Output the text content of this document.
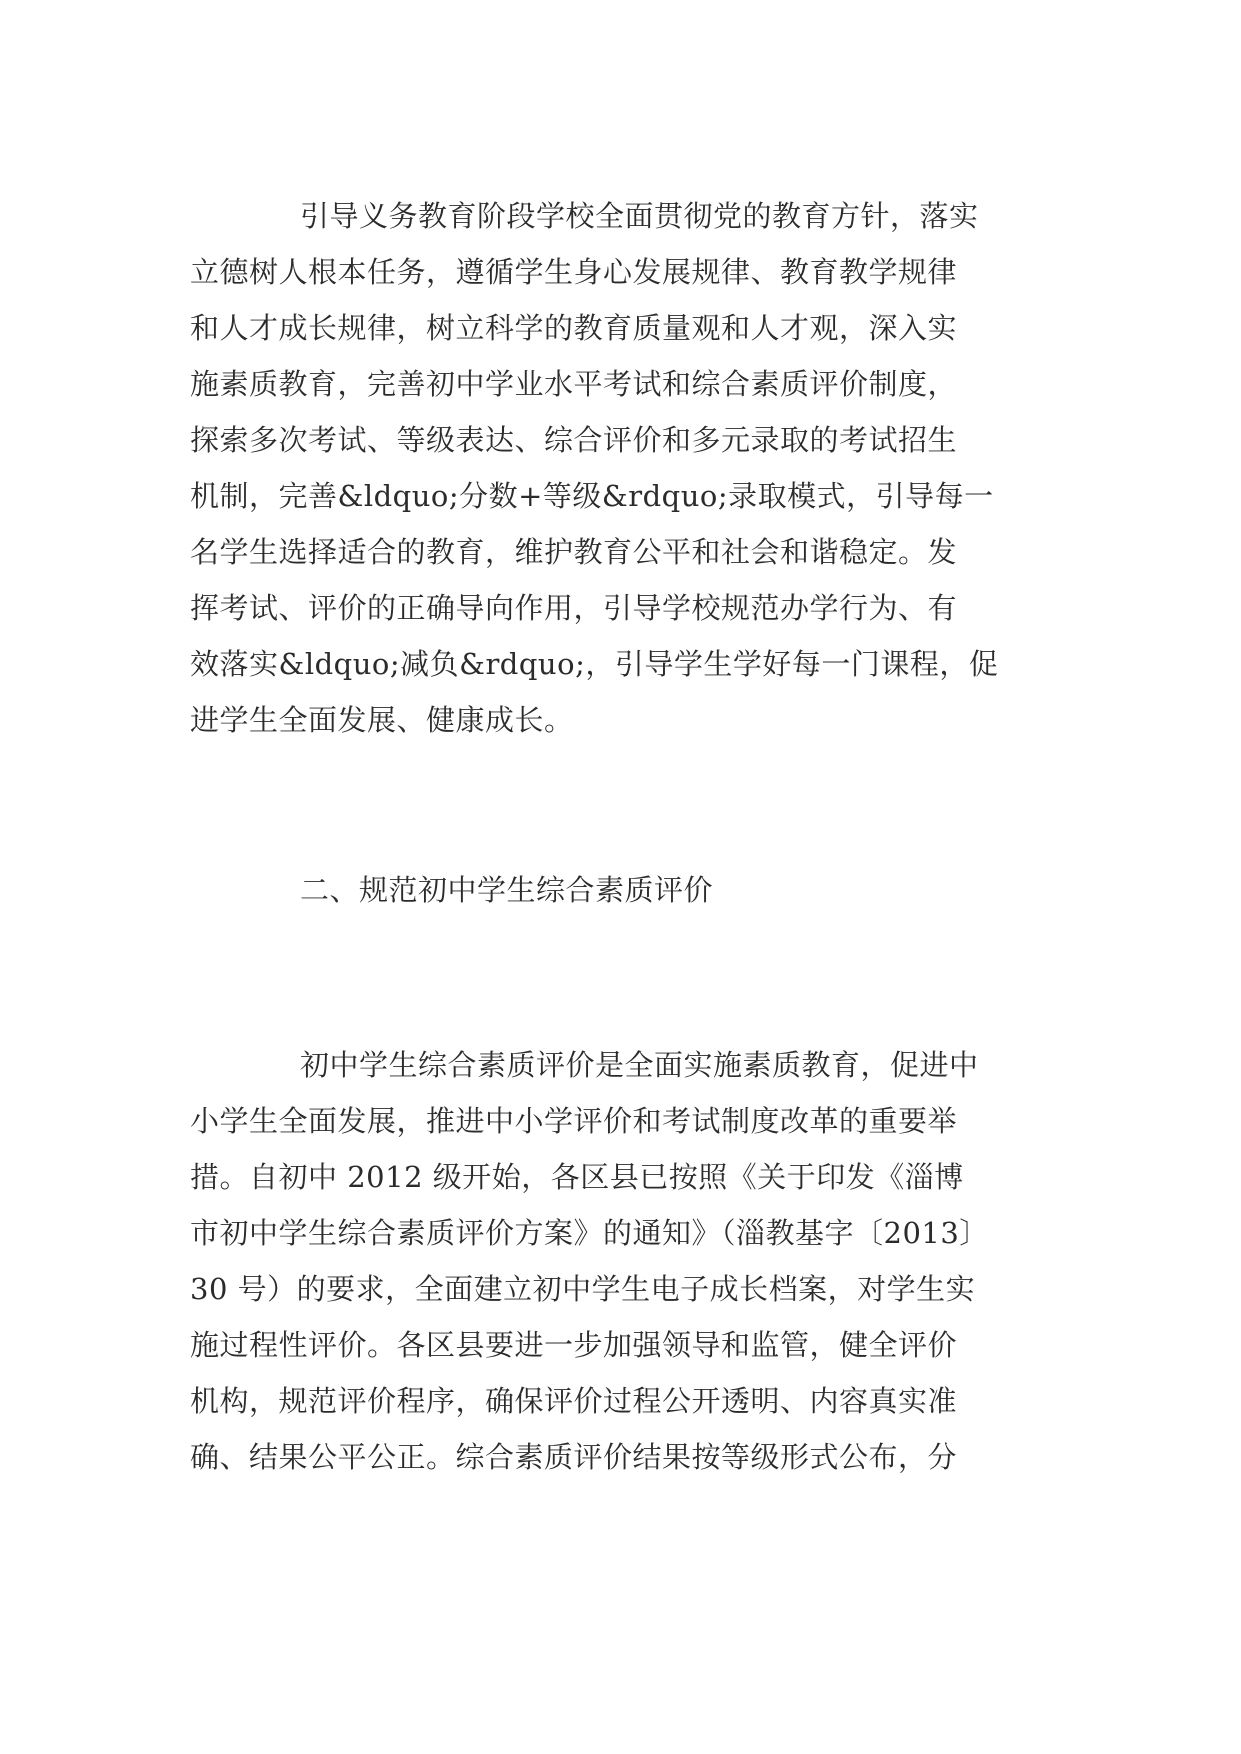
引导义务教育阶段学校全面贯彻党的教育方针，落实

立德树人根本任务，遵循学生身心发展规律、教育教学规律

和人才成长规律，树立科学的教育质量观和人才观，深入实

施素质教育，完善初中学业水平考试和综合素质评价制度，

探索多次考试、等级表达、综合评价和多元录取的考试招生

机制，完善&ldquo;分数+等级&rdquo;录取模式，引导每一

名学生选择适合的教育，维护教育公平和社会和谐稳定。发

挥考试、评价的正确导向作用，引导学校规范办学行为、有

效落实&ldquo;减负&rdquo;，引导学生学好每一门课程，促

进学生全面发展、健康成长。

二、规范初中学生综合素质评价

初中学生综合素质评价是全面实施素质教育，促进中

小学生全面发展，推进中小学评价和考试制度改革的重要举

措。自初中 2012 级开始，各区县已按照《关于印发《淄博

市初中学生综合素质评价方案》的通知》（淄教基字〔2013〕

30 号）的要求，全面建立初中学生电子成长档案，对学生实

施过程性评价。各区县要进一步加强领导和监管，健全评价

机构，规范评价程序，确保评价过程公开透明、内容真实准

确、结果公平公正。综合素质评价结果按等级形式公布，分
